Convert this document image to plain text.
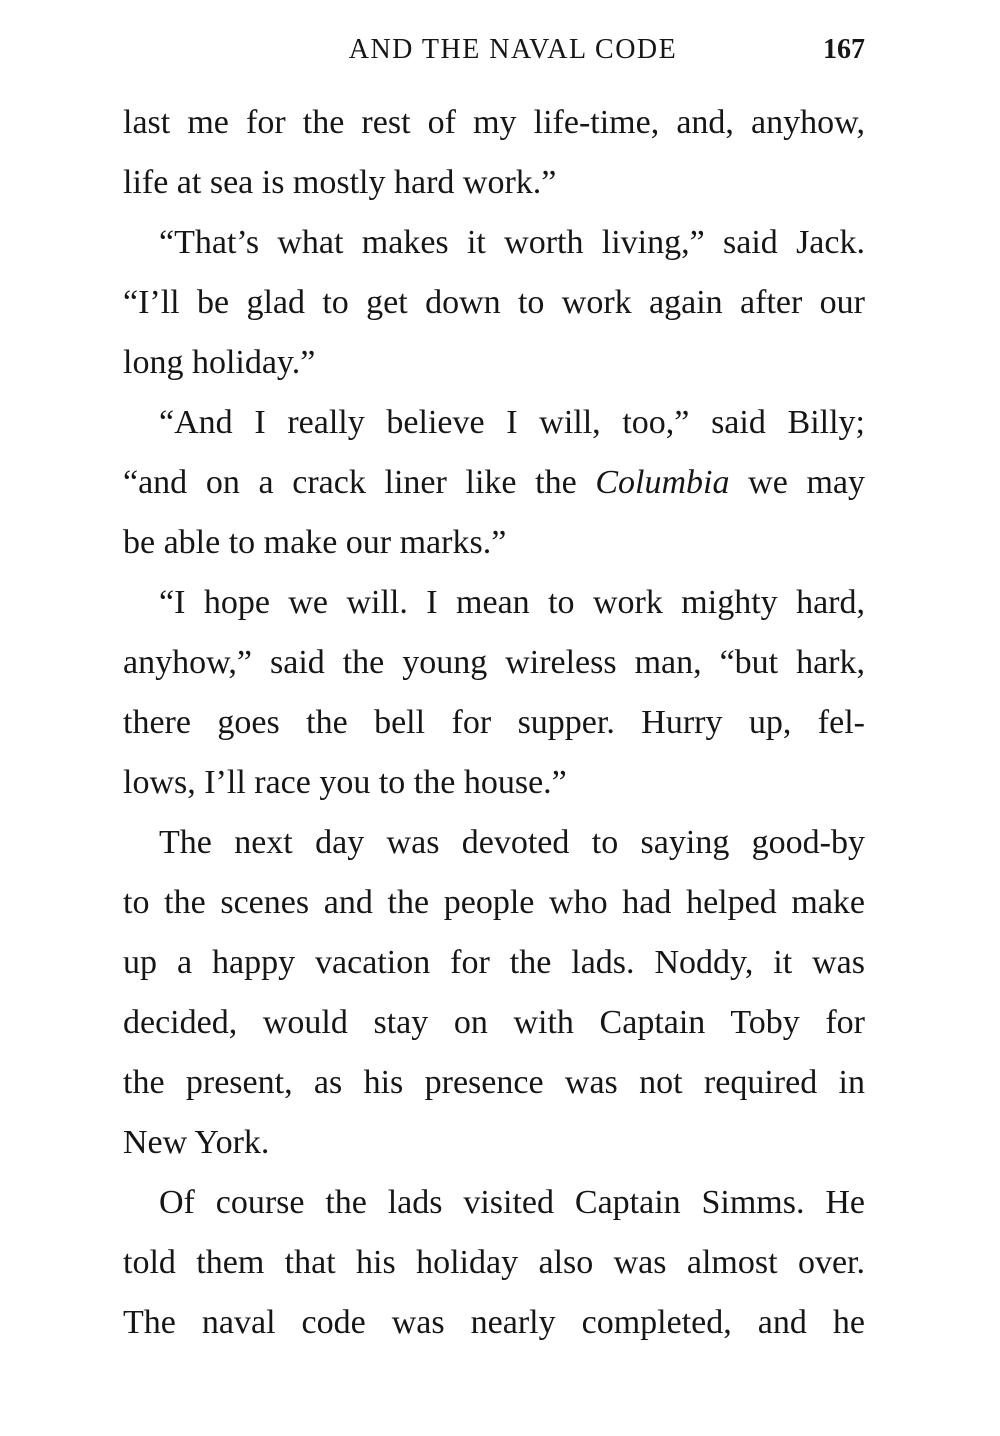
AND THE NAVAL CODE	167
last me for the rest of my life-time, and, anyhow,
life at sea is mostly hard work.”
“That’s what makes it worth living,” said Jack.
“I’ll be glad to get down to work again after our
long holiday.”
“And I really believe I will, too,” said Billy;
“and on a crack liner like the Columbia we may
be able to make our marks.”
“I hope we will. I mean to work mighty hard,
anyhow,” said the young wireless man, “but hark,
there goes the bell for supper. Hurry up, fel-
lows, I’ll race you to the house.”
The next day was devoted to saying good-by
to the scenes and the people who had helped make
up a happy vacation for the lads. Noddy, it was
decided, would stay on with Captain Toby for
the present, as his presence was not required in
New York.
Of course the lads visited Captain Simms. He
told them that his holiday also was almost over.
The naval code was nearly completed, and he
